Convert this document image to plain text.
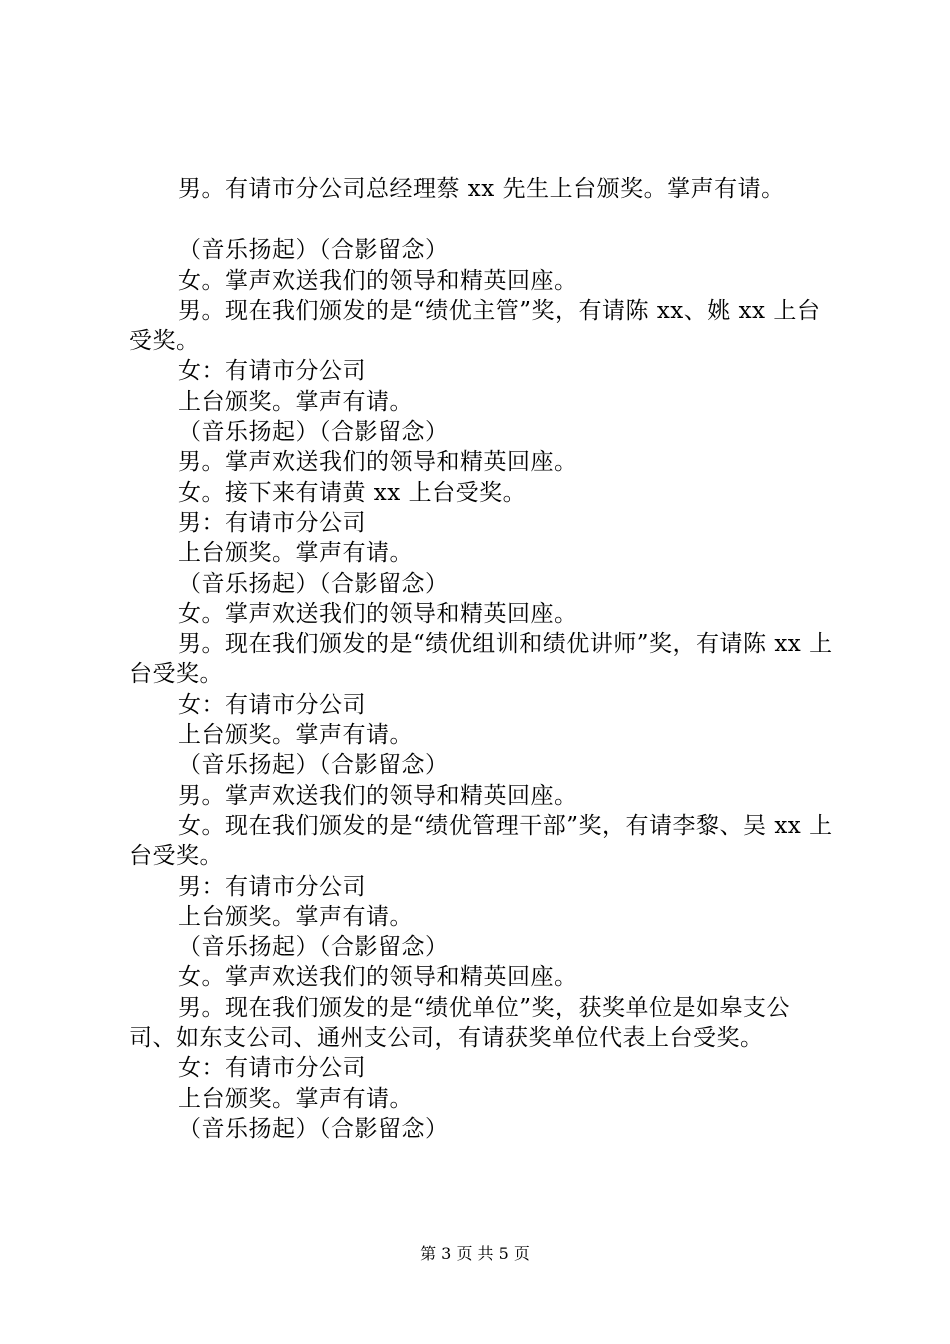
男。有请市分公司总经理蔡 xx 先生上台颁奖。掌声有请。

（音乐扬起）（合影留念）

女。掌声欢送我们的领导和精英回座。

男。现在我们颁发的是“绩优主管”奖，有请陈 xx、姚 xx 上台受奖。

女：有请市分公司

上台颁奖。掌声有请。

（音乐扬起）（合影留念）

男。掌声欢送我们的领导和精英回座。

女。接下来有请黄 xx 上台受奖。

男：有请市分公司

上台颁奖。掌声有请。

（音乐扬起）（合影留念）

女。掌声欢送我们的领导和精英回座。

男。现在我们颁发的是“绩优组训和绩优讲师”奖，有请陈 xx 上台受奖。

女：有请市分公司

上台颁奖。掌声有请。

（音乐扬起）（合影留念）

男。掌声欢送我们的领导和精英回座。

女。现在我们颁发的是“绩优管理干部”奖，有请李黎、吴 xx 上台受奖。

男：有请市分公司

上台颁奖。掌声有请。

（音乐扬起）（合影留念）

女。掌声欢送我们的领导和精英回座。

男。现在我们颁发的是“绩优单位”奖，获奖单位是如皋支公司、如东支公司、通州支公司，有请获奖单位代表上台受奖。

女：有请市分公司

上台颁奖。掌声有请。

（音乐扬起）（合影留念）

第 3 页 共 5 页
